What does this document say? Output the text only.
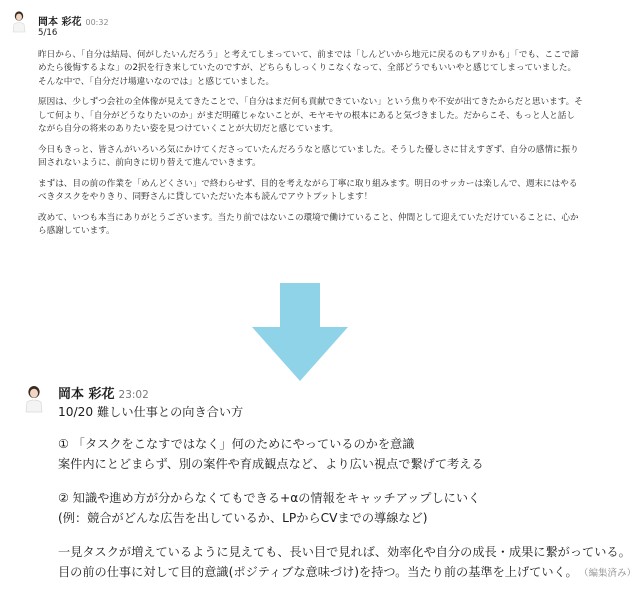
岡本 彩花 00:32

5/16

昨日から、「自分は結局、何がしたいんだろう」と考えてしまっていて、前までは「しんどいから地元に戻るのもアリかも」「でも、ここで諦めたら後悔するよな」の2択を行き来していたのですが、どちらもしっくりこなくなって、全部どうでもいいやと感じてしまっていました。
そんな中で、「自分だけ場違いなのでは」と感じていました。

原因は、少しずつ会社の全体像が見えてきたことで、「自分はまだ何も貢献できていない」という焦りや不安が出てきたからだと思います。そして何より、「自分がどうなりたいのか」がまだ明確じゃないことが、モヤモヤの根本にあると気づきました。だからこそ、もっと人と話しながら自分の将来のありたい姿を見つけていくことが大切だと感じています。

今日もきっと、皆さんがいろいろ気にかけてくださっていたんだろうなと感じていました。そうした優しさに甘えすぎず、自分の感情に振り回されないように、前向きに切り替えて進んでいきます。

まずは、目の前の作業を「めんどくさい」で終わらせず、目的を考えながら丁寧に取り組みます。明日のサッカーは楽しんで、週末にはやるべきタスクをやりきり、同野さんに貸していただいた本も読んでアウトプットします！

改めて、いつも本当にありがとうございます。当たり前ではないこの環境で働けていること、仲間として迎えていただけていることに、心から感謝しています。

岡本 彩花 23:02
10/20 難しい仕事との向き合い方
① 「タスクをこなすではなく」何のためにやっているのかを意識
案件内にとどまらず、別の案件や育成観点など、より広い視点で繋げて考える
② 知識や進め方が分からなくてもできる+αの情報をキャッチアップしにいく
(例：競合がどんな広告を出しているか、LPからCVまでの導線など)
一見タスクが増えているように見えても、長い目で見れば、効率化や自分の成長・成果に繋がっている。
目の前の仕事に対して目的意識(ポジティブな意味づけ)を持つ。当たり前の基準を上げていく。 （編集済み）
